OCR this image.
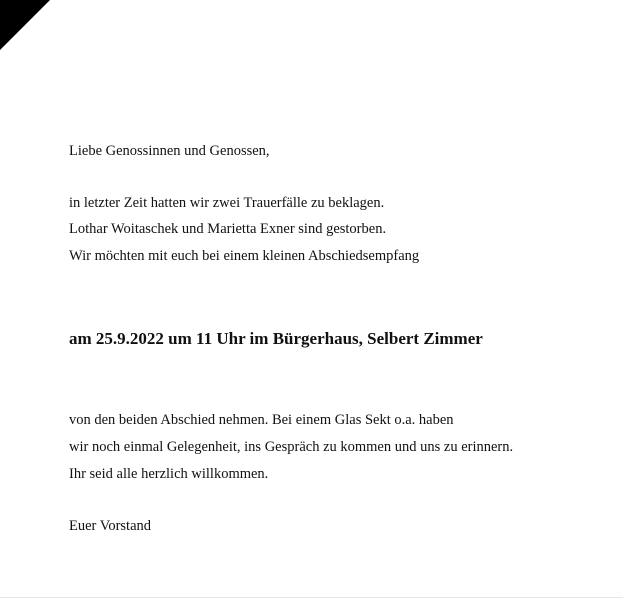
Liebe Genossinnen und Genossen,

in letzter Zeit hatten wir zwei Trauerfälle zu beklagen.

Lothar Woitaschek und Marietta Exner sind gestorben.

Wir möchten mit euch bei einem kleinen Abschiedsempfang

am 25.9.2022 um 11 Uhr im Bürgerhaus, Selbert Zimmer

von den beiden Abschied nehmen. Bei einem Glas Sekt o.a. haben

wir noch einmal Gelegenheit, ins Gespräch zu kommen und uns zu erinnern.

Ihr seid alle herzlich willkommen.

Euer Vorstand
